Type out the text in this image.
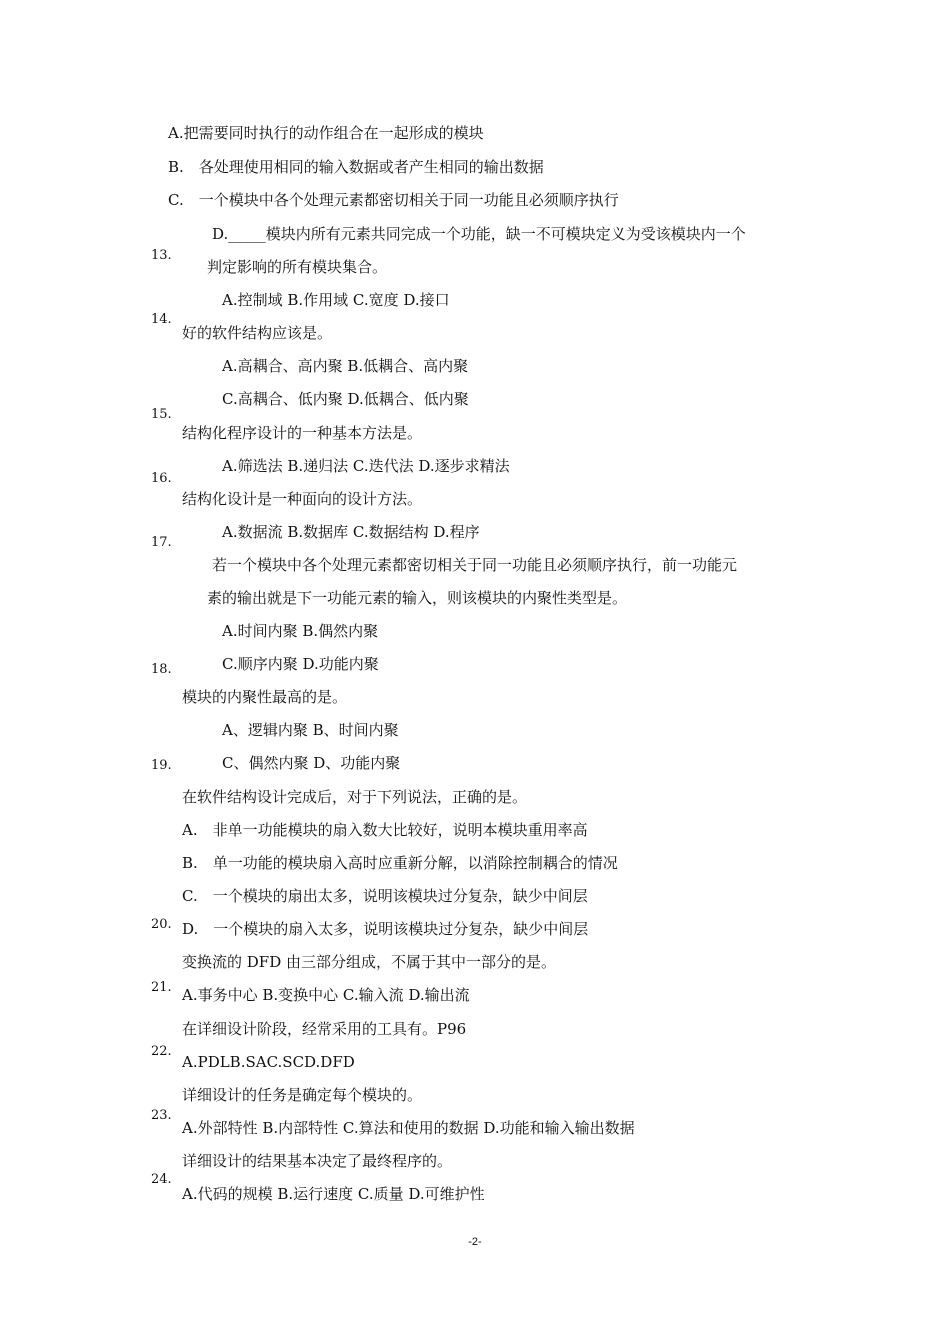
A.把需要同时执行的动作组合在一起形成的模块
B.　各处理使用相同的输入数据或者产生相同的输出数据
C.　一个模块中各个处理元素都密切相关于同一功能且必须顺序执行
D._____模块内所有元素共同完成一个功能，缺一不可模块定义为受该模块内一个
判定影响的所有模块集合。
A.控制域 B.作用域 C.宽度 D.接口
好的软件结构应该是。
A.高耦合、高内聚 B.低耦合、高内聚
C.高耦合、低内聚 D.低耦合、低内聚
结构化程序设计的一种基本方法是。
A.筛选法 B.递归法 C.迭代法 D.逐步求精法
结构化设计是一种面向的设计方法。
A.数据流 B.数据库 C.数据结构 D.程序
若一个模块中各个处理元素都密切相关于同一功能且必须顺序执行，前一功能元
素的输出就是下一功能元素的输入，则该模块的内聚性类型是。
A.时间内聚 B.偶然内聚
C.顺序内聚 D.功能内聚
模块的内聚性最高的是。
A、逻辑内聚 B、时间内聚
C、偶然内聚 D、功能内聚
在软件结构设计完成后，对于下列说法，正确的是。
A.　非单一功能模块的扇入数大比较好，说明本模块重用率高
B.　单一功能的模块扇入高时应重新分解，以消除控制耦合的情况
C.　一个模块的扇出太多，说明该模块过分复杂，缺少中间层
D.　一个模块的扇入太多，说明该模块过分复杂，缺少中间层
变换流的 DFD 由三部分组成，不属于其中一部分的是。
A.事务中心 B.变换中心 C.输入流 D.输出流
在详细设计阶段，经常采用的工具有。P96
A.PDLB.SAC.SCD.DFD
详细设计的任务是确定每个模块的。
A.外部特性 B.内部特性 C.算法和使用的数据 D.功能和输入输出数据
详细设计的结果基本决定了最终程序的。
A.代码的规模 B.运行速度 C.质量 D.可维护性
13.
14.
15.
16.
17.
18.
19.
20.
21.
22.
23.
24.
-2-
